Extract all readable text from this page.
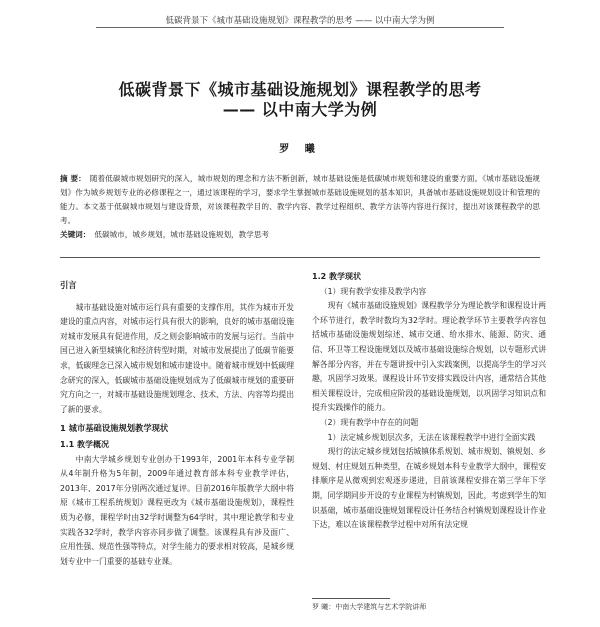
低碳背景下《城市基础设施规划》课程教学的思考 —— 以中南大学为例
低碳背景下《城市基础设施规划》课程教学的思考
—— 以中南大学为例
罗 曦
摘 要： 随着低碳城市规划研究的深入，城市规划的理念和方法不断创新，城市基础设施是低碳城市规划和建设的重要方面。《城市基础设施规划》作为城乡规划专业的必修课程之一，通过该课程的学习，要求学生掌握城市基础设施规划的基本知识，具备城市基础设施规划设计和管理的能力。本文基于低碳城市规划与建设背景，对该课程教学目的、教学内容、教学过程组织、教学方法等内容进行探讨，提出对该课程教学的思考。
关键词： 低碳城市，城乡规划，城市基础设施规划，教学思考

引言

城市基础设施对城市运行具有重要的支撑作用，其作为城市开发建设的重点内容，对城市运行具有很大的影响，良好的城市基础设施对城市发展具有促进作用，反之则会影响城市的发展与运行。当前中国已进入新型城镇化和经济转型时期，对城市发展提出了低碳节能要求，低碳理念已深入城市规划和城市建设中。随着城市规划中低碳理念研究的深入，低碳城市基础设施规划成为了低碳城市规划的重要研究方向之一，对城市基础设施规划理念、技术、方法、内容等均提出了新的要求。

1 城市基础设施规划教学现状

1.1 教学概况

中南大学城乡规划专业创办于1993年，2001年本科专业学制从4年制升格为5年制，2009年通过教育部本科专业教学评估，2013年、2017年分别两次通过复评。目前2016年版教学大纲中将原《城市工程系统规划》课程更改为《城市基础设施规划》，课程性质为必修，课程学时由32学时调整为64学时，其中理论教学和专业实践各32学时，教学内容亦同步做了调整。该课程具有涉及面广、应用性强、规范性强等特点，对学生能力的要求相对较高，是城乡规划专业中一门重要的基础专业课。

1.2 教学现状

（1）现有教学安排及教学内容

现有《城市基础设施规划》课程教学分为理论教学和课程设计两个环节进行，教学时数均为32学时。理论教学环节主要教学内容包括城市基础设施规划综述、城市交通、给水排水、能源、防灾、通信、环卫等工程设施规划以及城市基础设施综合规划，以专题形式讲解各部分内容，并在专题讲授中引入实践案例，以提高学生的学习兴趣，巩固学习效果。课程设计环节安排实践设计内容，通常结合其他相关课程设计，完成相应阶段的基础设施规划，以巩固学习知识点和提升实践操作的能力。

（2）现有教学中存在的问题

1）法定城乡规划层次多，无法在该课程教学中进行全面实践

现行的法定城乡规划包括城镇体系规划、城市规划、镇规划、乡规划、村庄规划五种类型，在城乡规划本科专业教学大纲中，课程安排顺序是从微观到宏观逐步递进，目前该课程安排在第三学年下学期，同学期同步开设的专业课程为村镇规划，因此，考虑到学生的知识基础，城市基础设施规划课程设计任务结合村镇规划课程设计作业下达，难以在该课程教学过程中对所有法定规

罗 曦：中南大学建筑与艺术学院讲师
